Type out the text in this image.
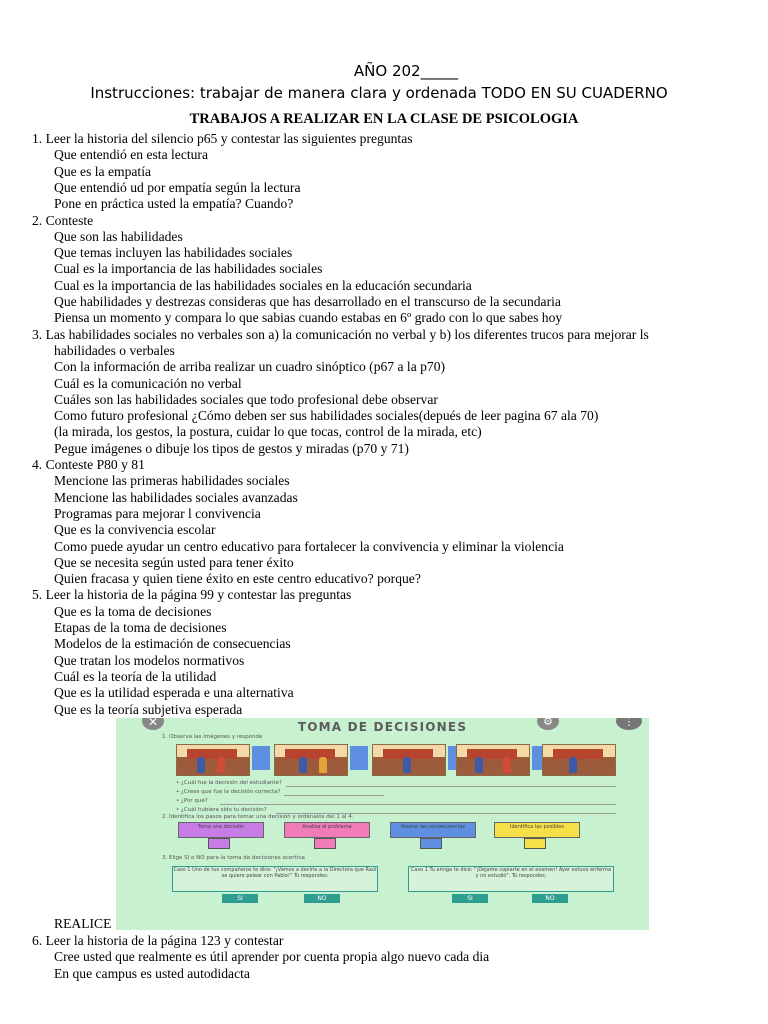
AÑO 202_____
Instrucciones: trabajar de manera clara y ordenada TODO EN SU CUADERNO
TRABAJOS A REALIZAR EN LA CLASE DE PSICOLOGIA
1. Leer la historia del silencio p65 y contestar las siguientes preguntas
Que entendió en esta lectura
Que es la empatía
Que entendió ud por empatía según la lectura
Pone en práctica usted la empatía? Cuando?
2. Conteste
Que son las habilidades
Que temas incluyen las habilidades sociales
Cual es la importancia de las habilidades sociales
Cual es la importancia de las habilidades sociales en la educación secundaria
Que habilidades y destrezas consideras que has desarrollado en el transcurso de la secundaria
Piensa un momento y compara lo que sabias cuando estabas en 6º grado con lo que sabes hoy
3. Las habilidades sociales no verbales son a) la comunicación no verbal y b) los diferentes trucos para mejorar ls
habilidades o verbales
Con la información de arriba realizar un cuadro sinóptico (p67 a la p70)
Cuál es la comunicación no verbal
Cuáles son las habilidades sociales que todo profesional debe observar
Como futuro profesional ¿Cómo deben ser sus habilidades sociales(depués de leer pagina 67 ala 70)
(la mirada, los gestos, la postura, cuidar lo que tocas, control de la mirada, etc)
Pegue imágenes o dibuje los tipos de gestos y miradas (p70 y 71)
4. Conteste P80 y 81
Mencione las primeras habilidades sociales
Mencione las habilidades sociales avanzadas
Programas para mejorar l convivencia
Que es la convivencia escolar
Como puede ayudar un centro educativo para fortalecer la convivencia y eliminar la violencia
Que se necesita según usted para tener éxito
Quien fracasa y quien tiene éxito en este centro educativo? porque?
5. Leer la historia de la página 99 y contestar las preguntas
Que es la toma de decisiones
Etapas de la toma de decisiones
Modelos de la estimación de consecuencias
Que tratan los modelos normativos
Cuál es la teoría de la utilidad
Que es la utilidad esperada e una alternativa
Que es la teoría subjetiva esperada
REALICE
6. Leer la historia de la página 123 y contestar
Cree usted que realmente es útil aprender por cuenta propia algo nuevo cada dia
En que campus es usted autodidacta
✕	TOMA DE DECISIONES	⚙	⋮
1. Observa las imágenes y responde
• ¿Cuál fue la decisión del estudiante?
• ¿Crees que fue la decisión correcta?
• ¿Por qué?
• ¿Cuál hubiera sido tu decisión?
2. Identifica los pasos para tomar una decisión y ordénalos del 1 al 4.
Toma una decisión	Analiza el problema	Asume las consecuencias	Identifica las posibles
3. Elige SI o NO para la toma de decisiones acertiva
Caso 1 Uno de tus compañeros te dice: "¡Vamos a decirle a la Directora que Raúl se quiere pelear con Pablo!" Tú respondes:
Caso 1 Tu amiga te dice: "¡Déjame copiarte en el examen! Ayer estuvo enferma y no estudió". Tú respondes:
SI	NO	SI	NO
